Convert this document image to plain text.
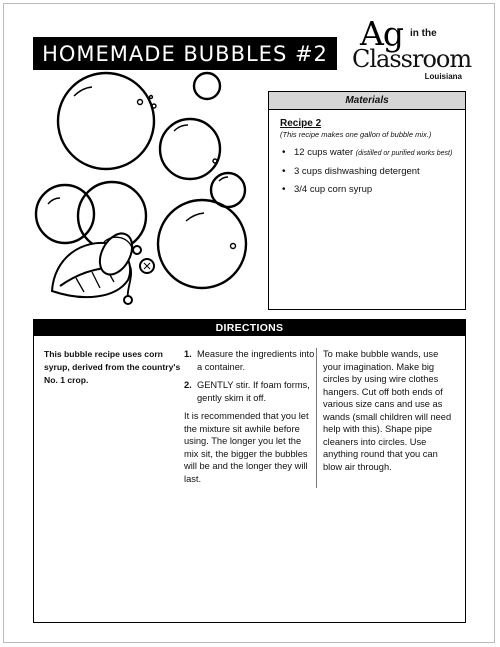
HOMEMADE BUBBLES #2
Ag in the
Classroom
Louisiana
Materials
Recipe 2
(This recipe makes one gallon of bubble mix.)
• 12 cups water (distilled or purified works best)
• 3 cups dishwashing detergent
• 3/4 cup corn syrup
DIRECTIONS
This bubble recipe uses corn syrup, derived from the country's No. 1 crop.
1. Measure the ingredients into a container.
2. GENTLY stir. If foam forms, gently skim it off.

It is recommended that you let the mixture sit awhile before using. The longer you let the mix sit, the bigger the bubbles will be and the longer they will last.

To make bubble wands, use your imagination. Make big circles by using wire clothes hangers. Cut off both ends of various size cans and use as wands (small children will need help with this). Shape pipe cleaners into circles. Use anything round that you can blow air through.
